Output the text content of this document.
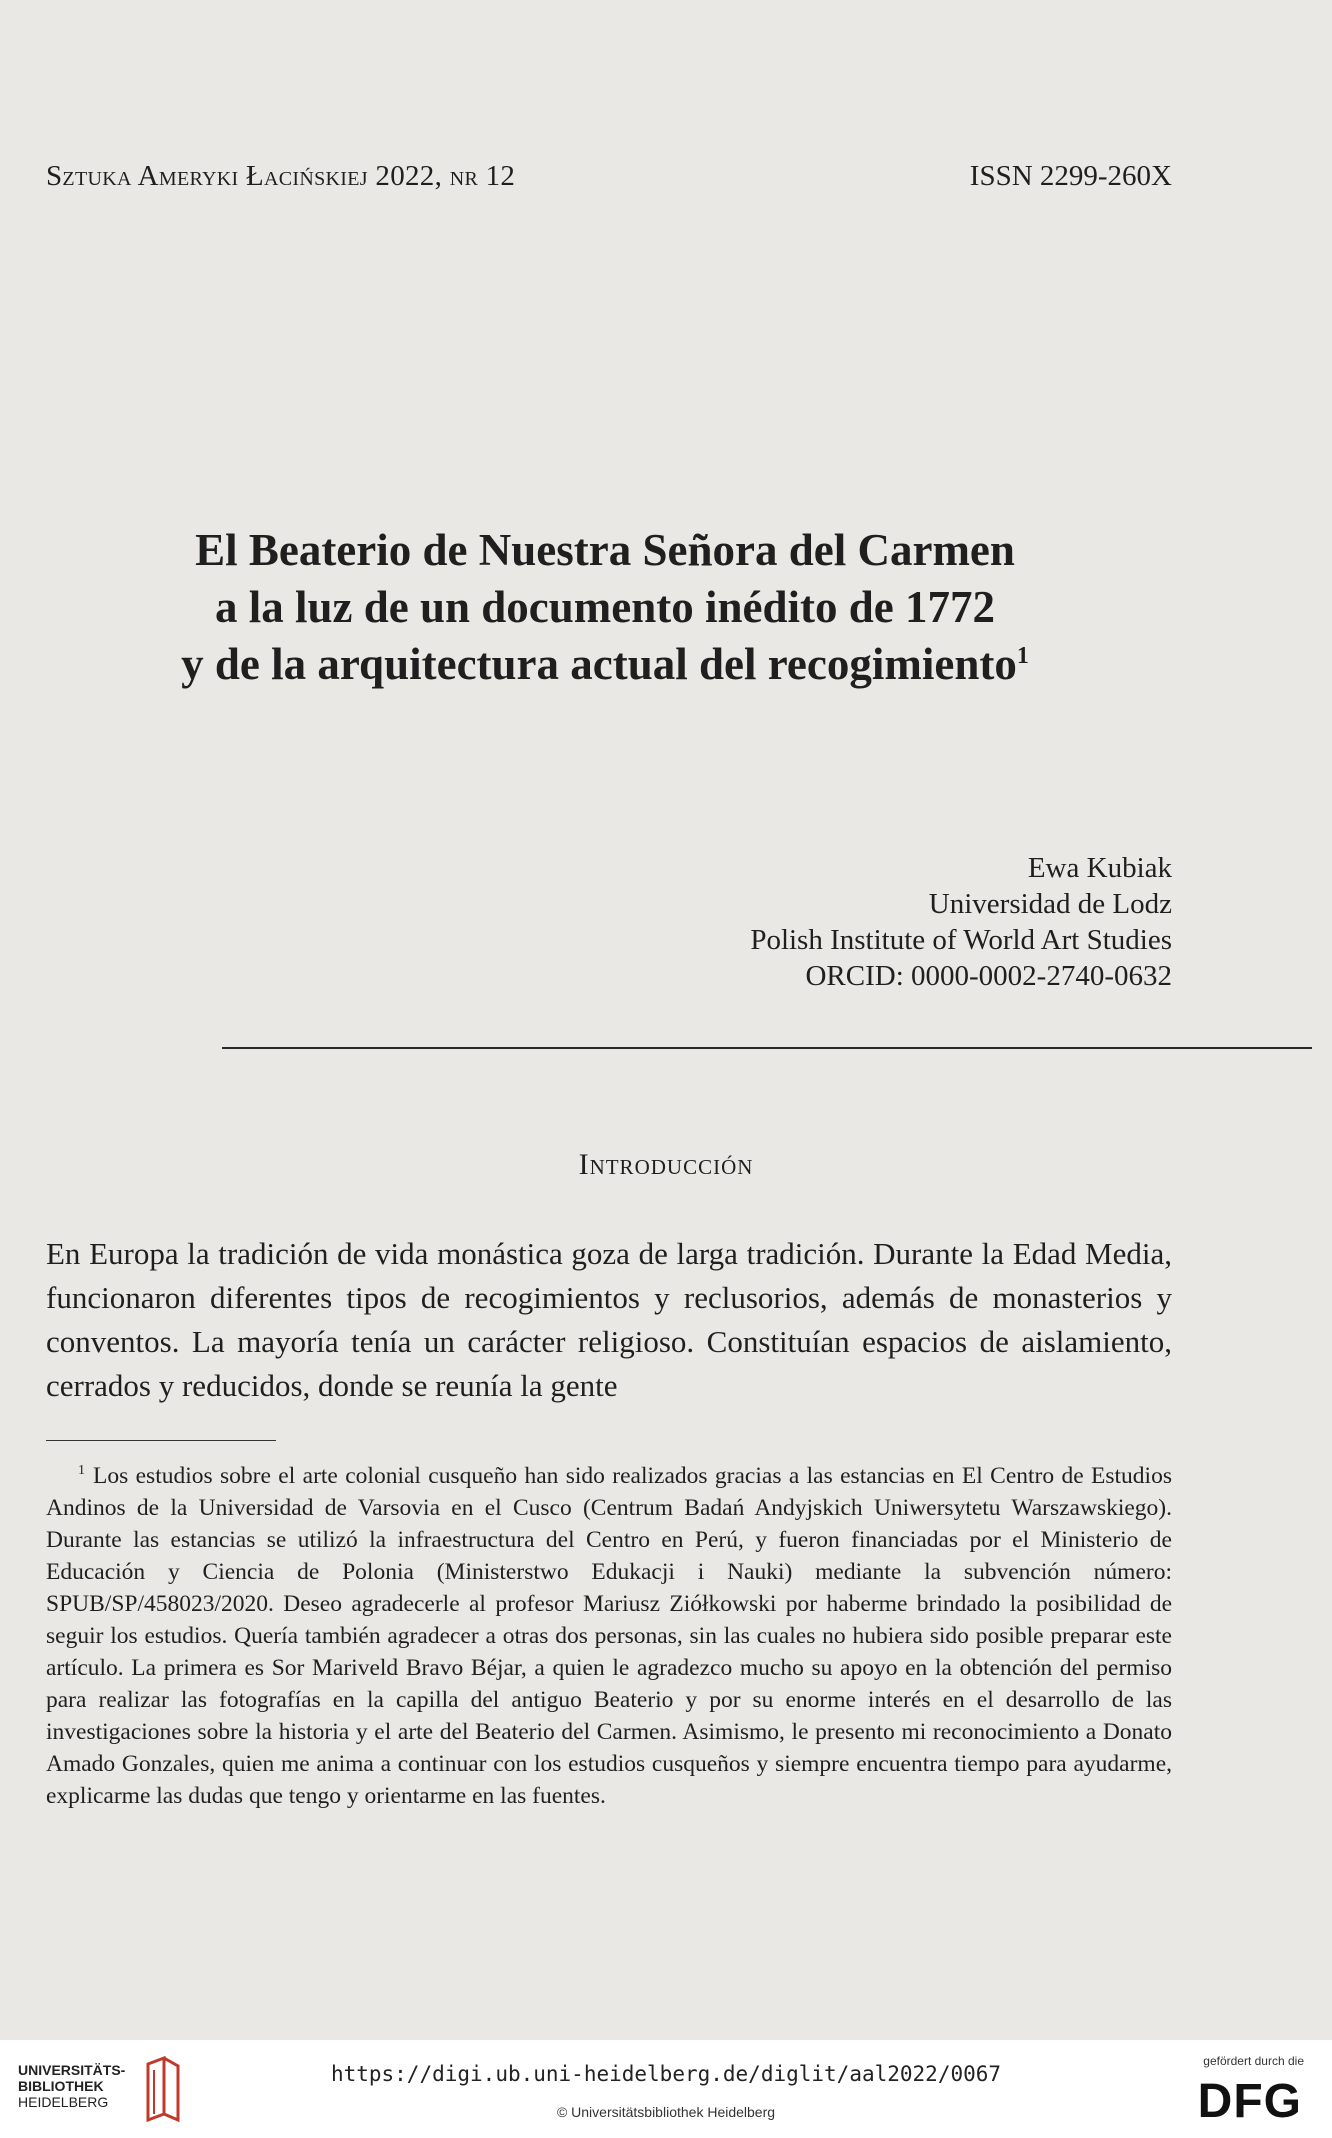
Sztuka Ameryki Łacińskiej 2022, nr 12	ISSN 2299-260X
El Beaterio de Nuestra Señora del Carmen
a la luz de un documento inédito de 1772
y de la arquitectura actual del recogimiento$^1$
Ewa Kubiak
Universidad de Lodz
Polish Institute of World Art Studies
ORCID: 0000-0002-2740-0632
Introducción

En Europa la tradición de vida monástica goza de larga tradición. Durante la Edad Media, funcionaron diferentes tipos de recogimientos y reclusorios, además de monasterios y conventos. La mayoría tenía un carácter religioso. Constituían espacios de aislamiento, cerrados y reducidos, donde se reunía la gente

$^1$ Los estudios sobre el arte colonial cusqueño han sido realizados gracias a las estancias en El Centro de Estudios Andinos de la Universidad de Varsovia en el Cusco (Centrum Badań Andyjskich Uniwersytetu Warszawskiego). Durante las estancias se utilizó la infraestructura del Centro en Perú, y fueron financiadas por el Ministerio de Educación y Ciencia de Polonia (Ministerstwo Edukacji i Nauki) mediante la subvención número: SPUB/SP/458023/2020. Deseo agradecerle al profesor Mariusz Ziółkowski por haberme brindado la posibilidad de seguir los estudios. Quería también agradecer a otras dos personas, sin las cuales no hubiera sido posible preparar este artículo. La primera es Sor Mariveld Bravo Béjar, a quien le agradezco mucho su apoyo en la obtención del permiso para realizar las fotografías en la capilla del antiguo Beaterio y por su enorme interés en el desarrollo de las investigaciones sobre la historia y el arte del Beaterio del Carmen. Asimismo, le presento mi reconocimiento a Donato Amado Gonzales, quien me anima a continuar con los estudios cusqueños y siempre encuentra tiempo para ayudarme, explicarme las dudas que tengo y orientarme en las fuentes.

UNIVERSITÄTS-
BIBLIOTHEK
HEIDELBERG
https://digi.ub.uni-heidelberg.de/diglit/aal2022/0067
© Universitätsbibliothek Heidelberg
gefördert durch die
DFG
